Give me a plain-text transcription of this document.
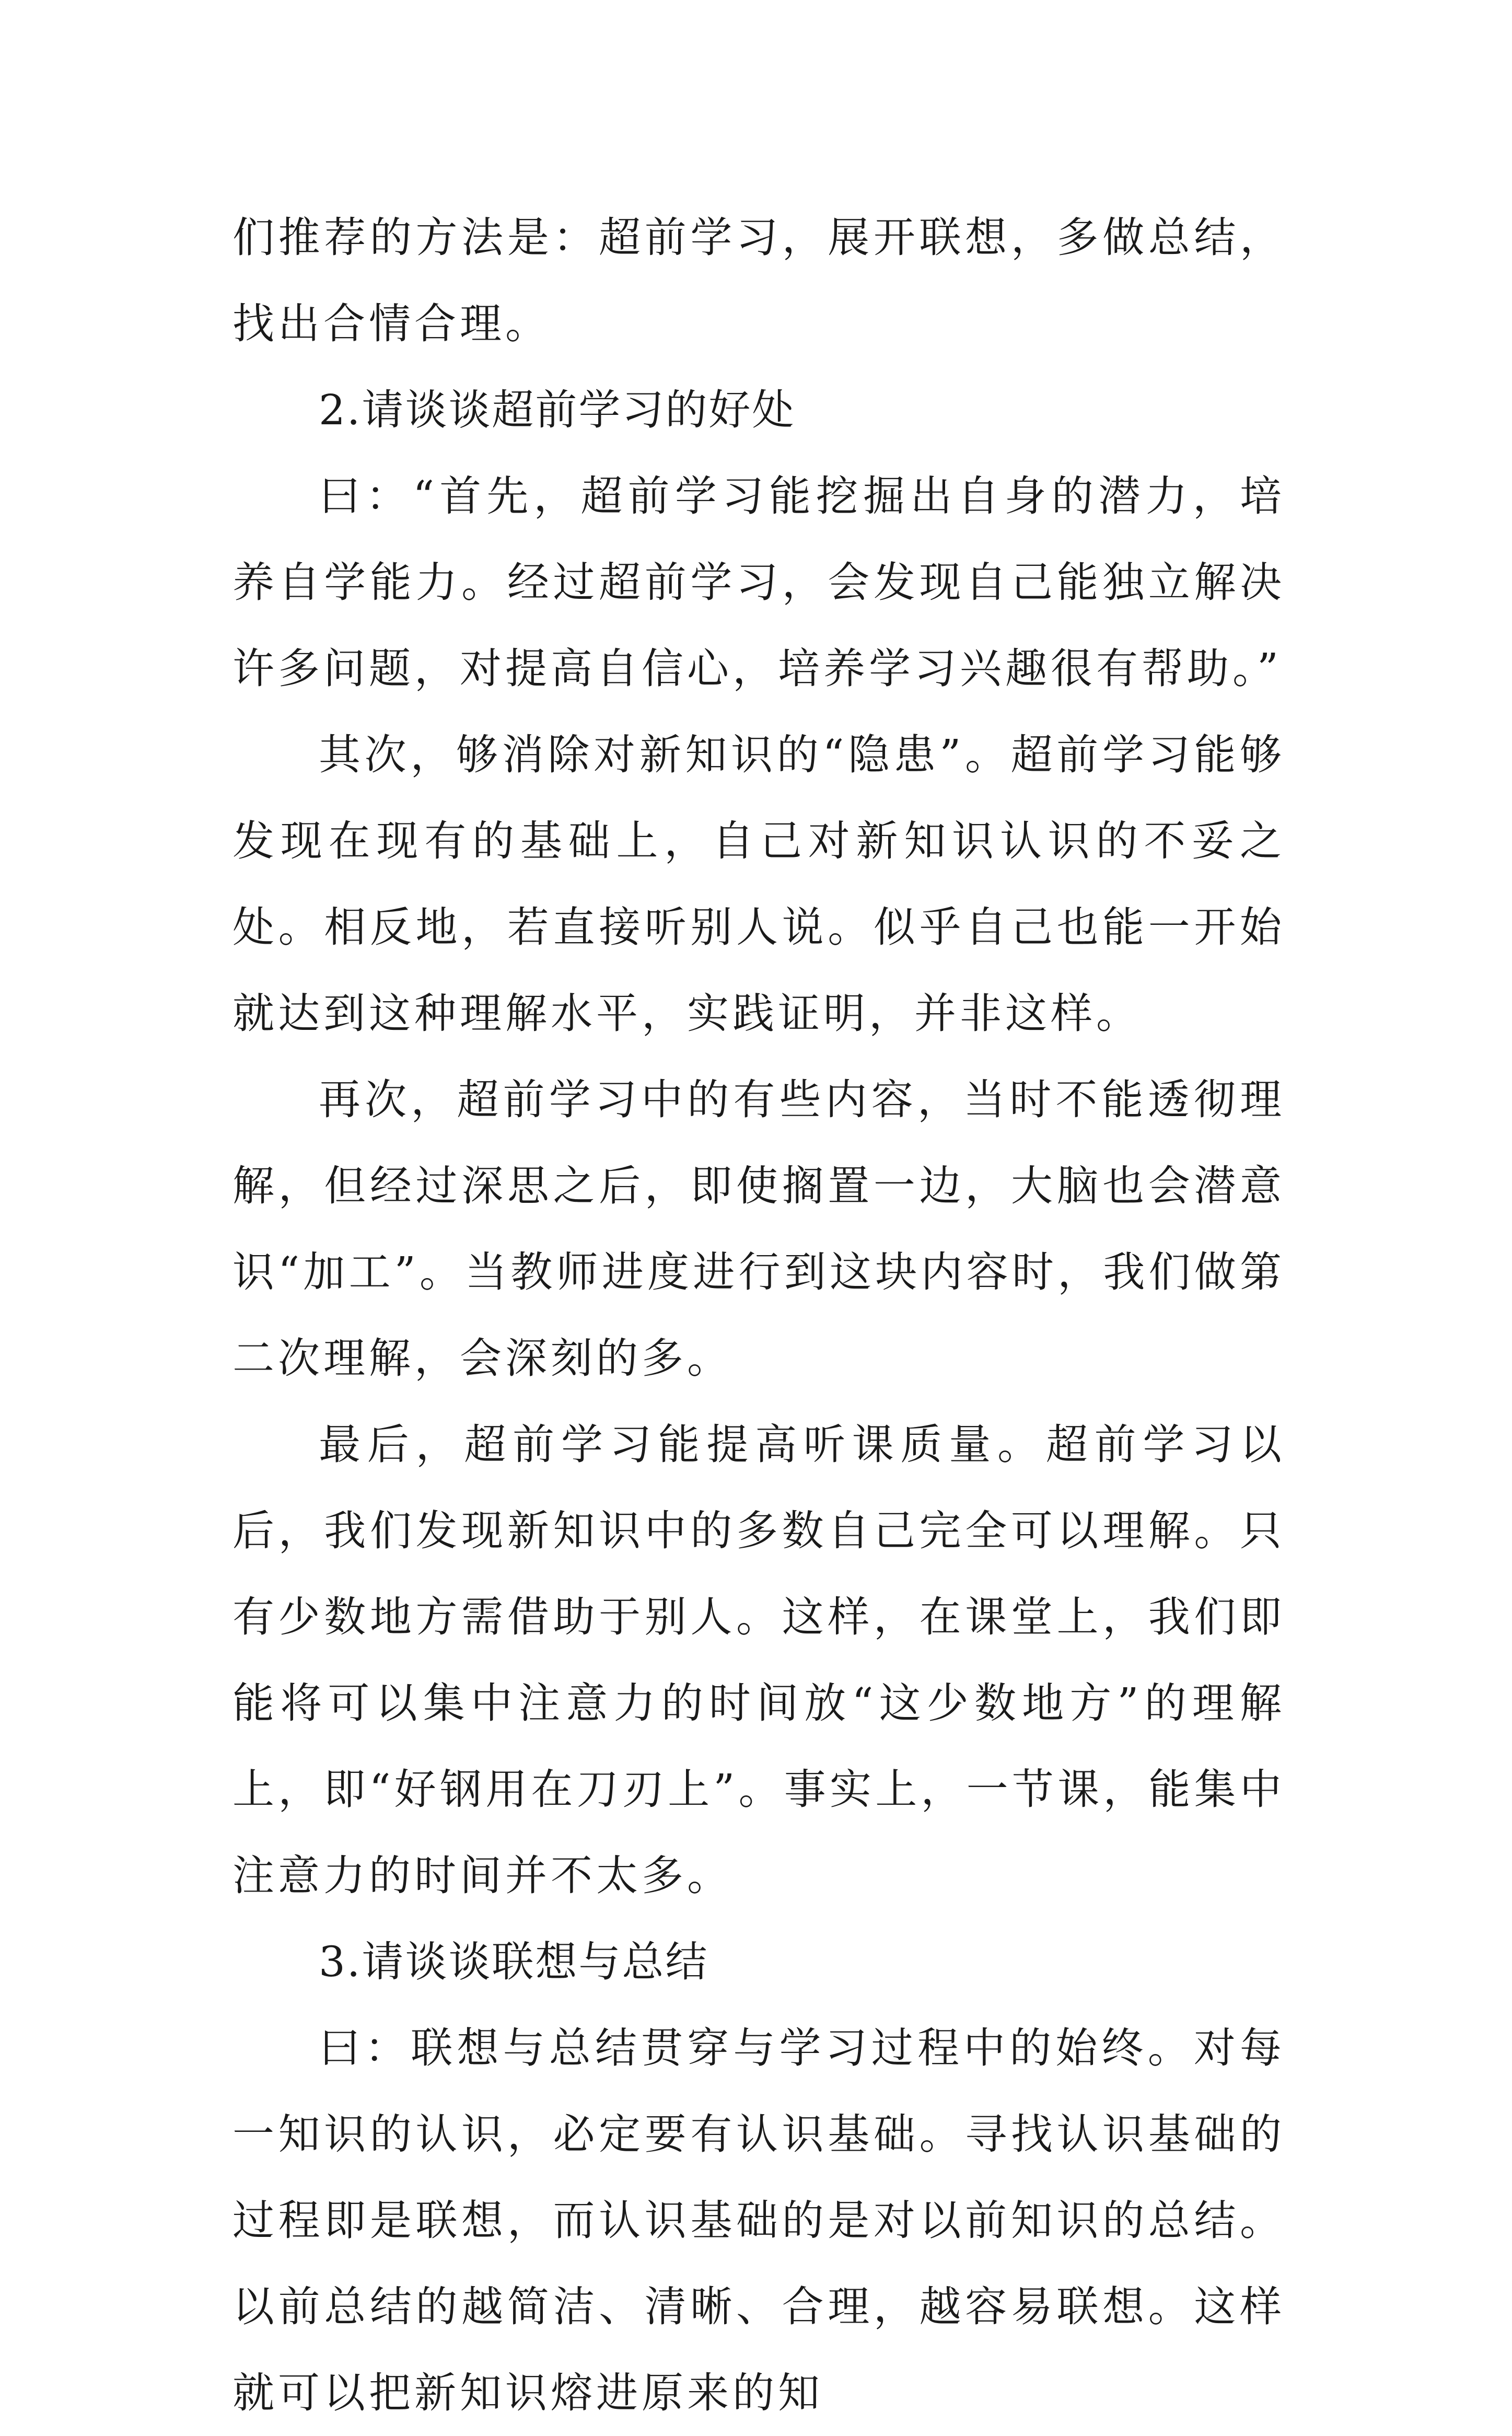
们推荐的方法是：超前学习，展开联想，多做总结，找出合情合理。

2.请谈谈超前学习的好处

曰：“首先，超前学习能挖掘出自身的潜力，培养自学能力。经过超前学习，会发现自己能独立解决许多问题，对提高自信心，培养学习兴趣很有帮助。”

其次，够消除对新知识的“隐患”。超前学习能够发现在现有的基础上，自己对新知识认识的不妥之处。相反地，若直接听别人说。似乎自己也能一开始就达到这种理解水平，实践证明，并非这样。

再次，超前学习中的有些内容，当时不能透彻理解，但经过深思之后，即使搁置一边，大脑也会潜意识“加工”。当教师进度进行到这块内容时，我们做第二次理解，会深刻的多。

最后，超前学习能提高听课质量。超前学习以后，我们发现新知识中的多数自己完全可以理解。只有少数地方需借助于别人。这样，在课堂上，我们即能将可以集中注意力的时间放“这少数地方”的理解上，即“好钢用在刀刃上”。事实上，一节课，能集中注意力的时间并不太多。

3.请谈谈联想与总结

曰：联想与总结贯穿与学习过程中的始终。对每一知识的认识，必定要有认识基础。寻找认识基础的过程即是联想，而认识基础的是对以前知识的总结。以前总结的越简洁、清晰、合理，越容易联想。这样就可以把新知识熔进原来的知
